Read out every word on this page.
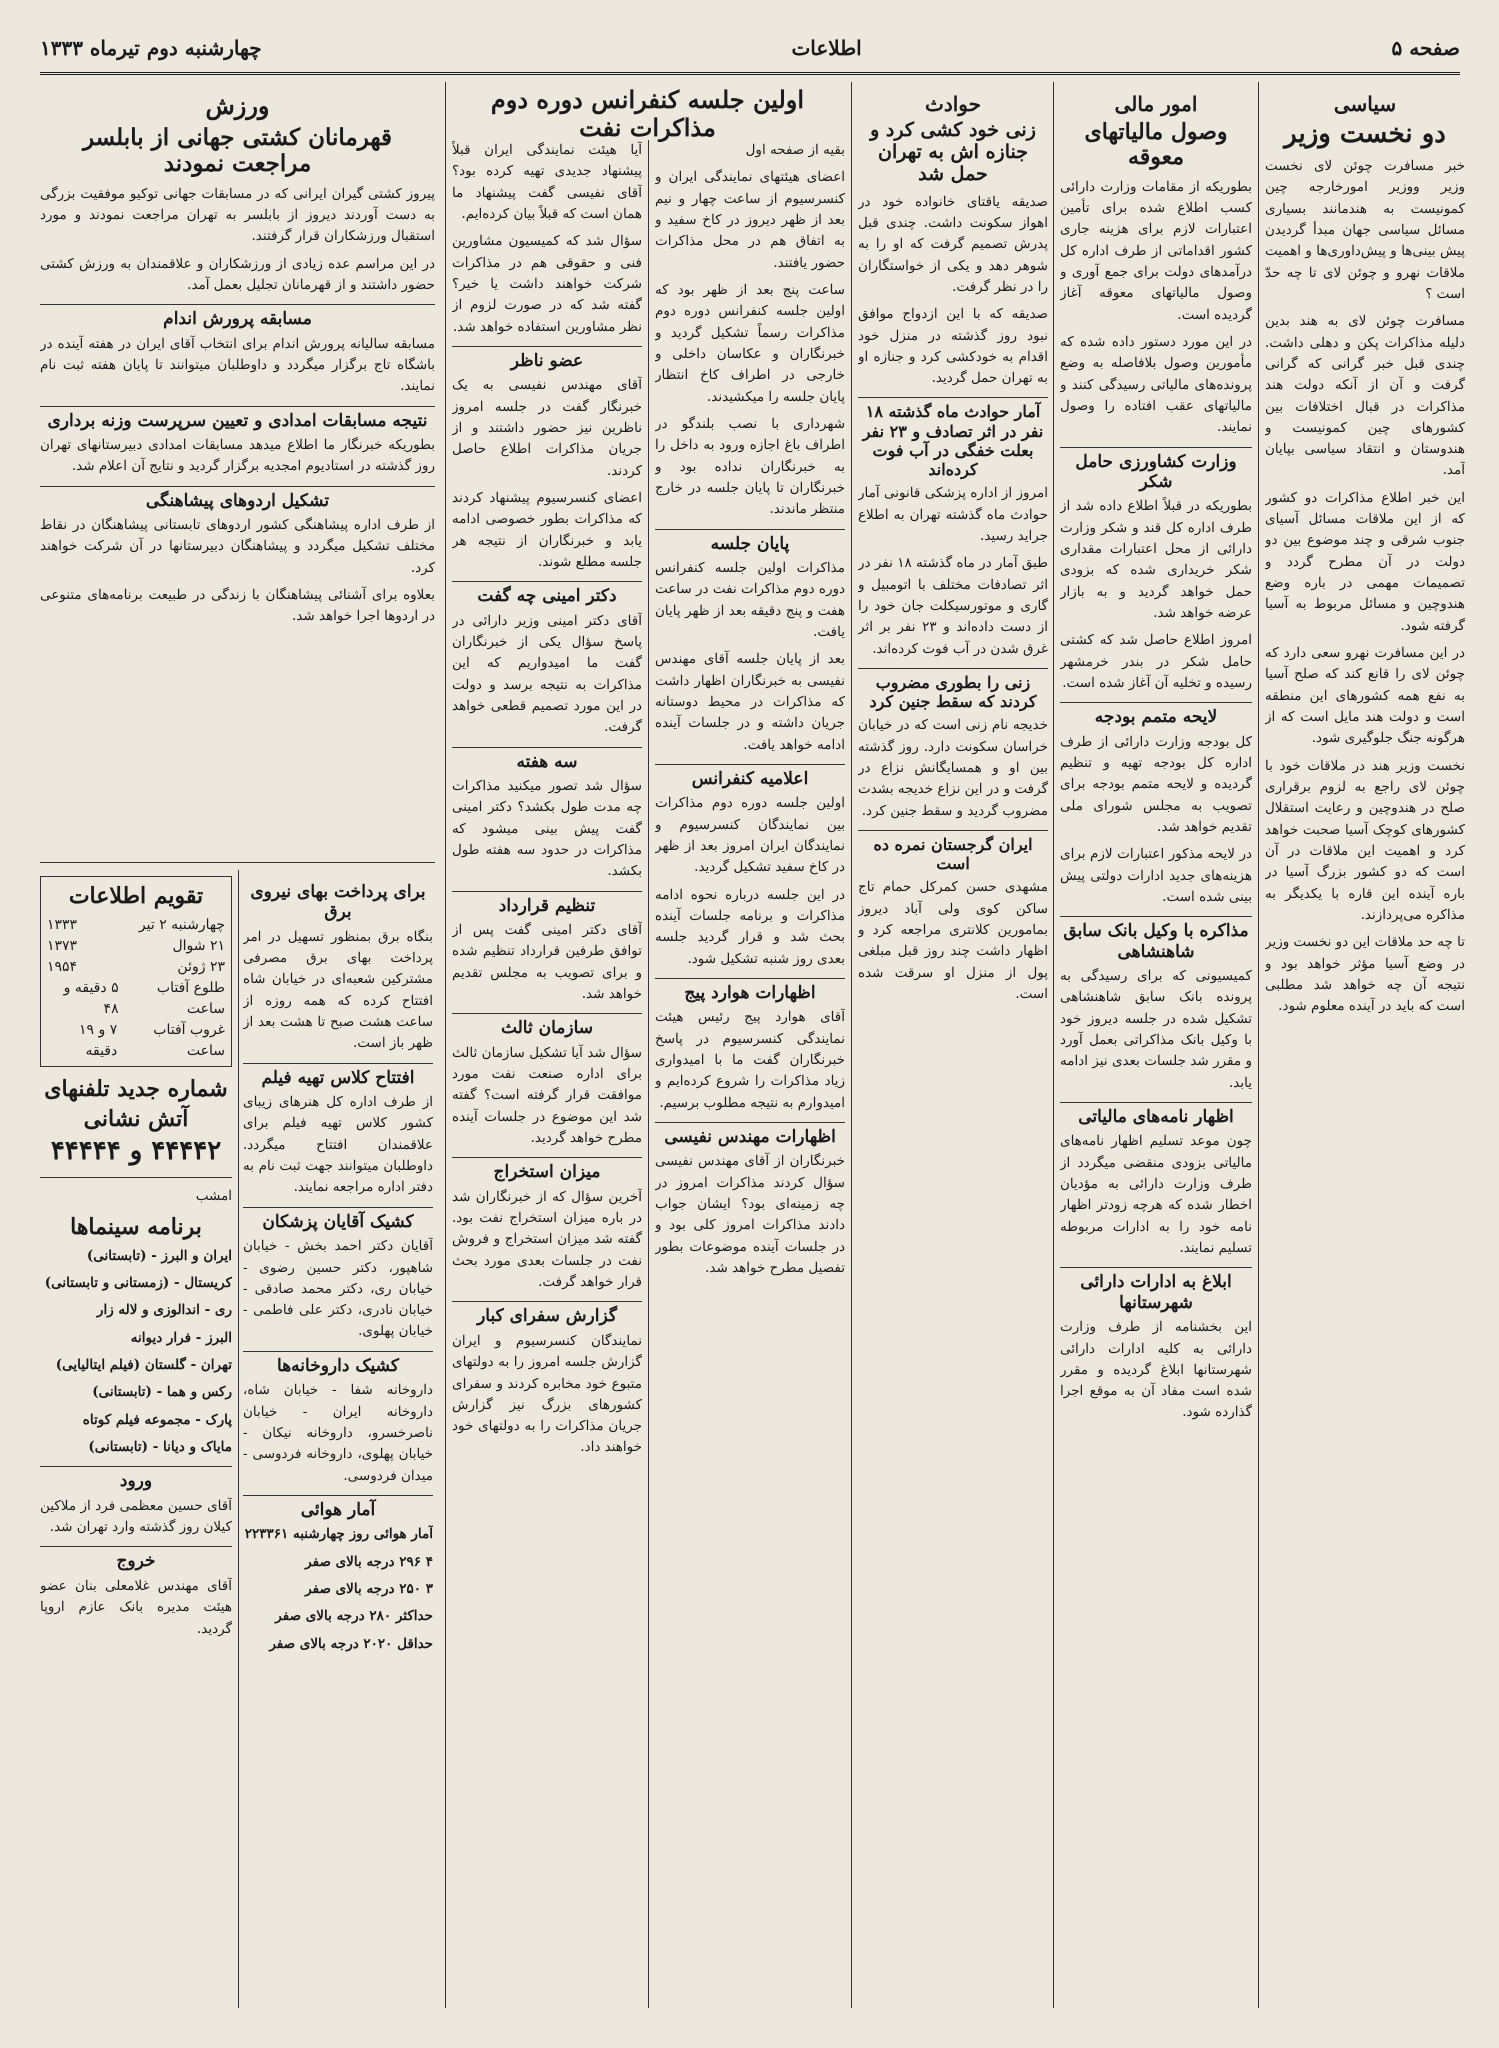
صفحه ۵
اطلاعات
چهارشنبه دوم تیرماه ۱۳۳۳
سیاسی
دو نخست وزیر

خبر مسافرت چوئن لای نخست وزیر ووزیر امورخارجه چین کمونیست به هندمانند بسیاری مسائل سیاسی جهان مبدأ گردیدن پیش بینی‌ها و پیش‌داوری‌ها و اهمیت ملاقات نهرو و چوئن لای تا چه حدّ است ؟

مسافرت چوئن لای به هند بدین دلیله مذاکرات پکن و دهلی داشت. چندی قبل خبر گرانی که گرانی گرفت و آن از آنکه دولت هند مذاکرات در قبال اختلافات بین کشورهای چین کمونیست و هندوستان و انتقاد سیاسی بپایان آمد.

این خبر اطلاع مذاکرات دو کشور که از این ملاقات مسائل آسیای جنوب شرقی و چند موضوع بین دو دولت در آن مطرح گردد و تصمیمات مهمی در باره وضع هندوچین و مسائل مربوط به آسیا گرفته شود.

در این مسافرت نهرو سعی دارد که چوئن لای را قانع کند که صلح آسیا به نفع همه کشورهای این منطقه است و دولت هند مایل است که از هرگونه جنگ جلوگیری شود.

نخست وزیر هند در ملاقات خود با چوئن لای راجع به لزوم برقراری صلح در هندوچین و رعایت استقلال کشورهای کوچک آسیا صحبت خواهد کرد و اهمیت این ملاقات در آن است که دو کشور بزرگ آسیا در باره آینده این قاره با یکدیگر به مذاکره می‌پردازند.

تا چه حد ملاقات این دو نخست وزیر در وضع آسیا مؤثر خواهد بود و نتیجه آن چه خواهد شد مطلبی است که باید در آینده معلوم شود.

امور مالی
وصول مالیاتهای معوقه

بطوریکه از مقامات وزارت دارائی کسب اطلاع شده برای تأمین اعتبارات لازم برای هزینه جاری کشور اقداماتی از طرف اداره کل درآمدهای دولت برای جمع آوری و وصول مالیاتهای معوقه آغاز گردیده است.

در این مورد دستور داده شده که مأمورین وصول بلافاصله به وضع پرونده‌های مالیاتی رسیدگی کنند و مالیاتهای عقب افتاده را وصول نمایند.

وزارت کشاورزی حامل شکر

بطوریکه در قبلاً اطلاع داده شد از طرف اداره کل قند و شکر وزارت دارائی از محل اعتبارات مقداری شکر خریداری شده که بزودی حمل خواهد گردید و به بازار عرضه خواهد شد.

امروز اطلاع حاصل شد که کشتی حامل شکر در بندر خرمشهر رسیده و تخلیه آن آغاز شده است.

لایحه متمم بودجه

کل بودجه وزارت دارائی از طرف اداره کل بودجه تهیه و تنظیم گردیده و لایحه متمم بودجه برای تصویب به مجلس شورای ملی تقدیم خواهد شد.

در لایحه مذکور اعتبارات لازم برای هزینه‌های جدید ادارات دولتی پیش بینی شده است.

مذاکره با وکیل بانک سابق شاهنشاهی

کمیسیونی که برای رسیدگی به پرونده بانک سابق شاهنشاهی تشکیل شده در جلسه دیروز خود با وکیل بانک مذاکراتی بعمل آورد و مقرر شد جلسات بعدی نیز ادامه یابد.

اظهار نامه‌های مالیاتی

چون موعد تسلیم اظهار نامه‌های مالیاتی بزودی منقضی میگردد از طرف وزارت دارائی به مؤدیان اخطار شده که هرچه زودتر اظهار نامه خود را به ادارات مربوطه تسلیم نمایند.

ابلاغ به ادارات دارائی شهرستانها

این بخشنامه از طرف وزارت دارائی به کلیه ادارات دارائی شهرستانها ابلاغ گردیده و مقرر شده است مفاد آن به موقع اجرا گذارده شود.

حوادث
زنی خود کشی کرد و جنازه اش به تهران حمل شد

صدیقه یاقتای خانواده خود در اهواز سکونت داشت. چندی قبل پدرش تصمیم گرفت که او را به شوهر دهد و یکی از خواستگاران را در نظر گرفت.

صدیقه که با این ازدواج موافق نبود روز گذشته در منزل خود اقدام به خودکشی کرد و جنازه او به تهران حمل گردید.

آمار حوادث ماه گذشته ۱۸ نفر در اثر تصادف و ۲۳ نفر بعلت خفگی در آب فوت کرده‌اند

امروز از اداره پزشکی قانونی آمار حوادث ماه گذشته تهران به اطلاع جراید رسید.

طبق آمار در ماه گذشته ۱۸ نفر در اثر تصادفات مختلف با اتومبیل و گاری و موتورسیکلت جان خود را از دست داده‌اند و ۲۳ نفر بر اثر غرق شدن در آب فوت کرده‌اند.

زنی را بطوری مضروب کردند که سقط جنین کرد

خدیجه نام زنی است که در خیابان خراسان سکونت دارد. روز گذشته بین او و همسایگانش نزاع در گرفت و در این نزاع خدیجه بشدت مضروب گردید و سقط جنین کرد.

ایران گرجستان نمره ده است

مشهدی حسن کمرکل حمام تاج ساکن کوی ولی آباد دیروز بمامورین کلانتری مراجعه کرد و اظهار داشت چند روز قبل مبلغی پول از منزل او سرقت شده است.

اولین جلسه کنفرانس دوره دوم مذاکرات نفت

بقیه از صفحه اول

اعضای هیئتهای نمایندگی ایران و کنسرسیوم از ساعت چهار و نیم بعد از ظهر دیروز در کاخ سفید و به اتفاق هم در محل مذاکرات حضور یافتند.

ساعت پنج بعد از ظهر بود که اولین جلسه کنفرانس دوره دوم مذاکرات رسماً تشکیل گردید و خبرنگاران و عکاسان داخلی و خارجی در اطراف کاخ انتظار پایان جلسه را میکشیدند.

شهرداری با نصب بلندگو در اطراف باغ اجازه ورود به داخل را به خبرنگاران نداده بود و خبرنگاران تا پایان جلسه در خارج منتظر ماندند.

پایان جلسه

مذاکرات اولین جلسه کنفرانس دوره دوم مذاکرات نفت در ساعت هفت و پنج دقیقه بعد از ظهر پایان یافت.

بعد از پایان جلسه آقای مهندس نفیسی به خبرنگاران اظهار داشت که مذاکرات در محیط دوستانه جریان داشته و در جلسات آینده ادامه خواهد یافت.

اعلامیه کنفرانس

اولین جلسه دوره دوم مذاکرات بین نمایندگان کنسرسیوم و نمایندگان ایران امروز بعد از ظهر در کاخ سفید تشکیل گردید.

در این جلسه درباره نحوه ادامه مذاکرات و برنامه جلسات آینده بحث شد و قرار گردید جلسه بعدی روز شنبه تشکیل شود.

اظهارات هوارد پیج

آقای هوارد پیج رئیس هیئت نمایندگی کنسرسیوم در پاسخ خبرنگاران گفت ما با امیدواری زیاد مذاکرات را شروع کرده‌ایم و امیدوارم به نتیجه مطلوب برسیم.

اظهارات مهندس نفیسی

خبرنگاران از آقای مهندس نفیسی سؤال کردند مذاکرات امروز در چه زمینه‌ای بود؟ ایشان جواب دادند مذاکرات امروز کلی بود و در جلسات آینده موضوعات بطور تفصیل مطرح خواهد شد.

آیا هیئت نمایندگی ایران قبلاً پیشنهاد جدیدی تهیه کرده بود؟ آقای نفیسی گفت پیشنهاد ما همان است که قبلاً بیان کرده‌ایم.

سؤال شد که کمیسیون مشاورین فنی و حقوقی هم در مذاکرات شرکت خواهند داشت یا خیر؟ گفته شد که در صورت لزوم از نظر مشاورین استفاده خواهد شد.

عضو ناظر

آقای مهندس نفیسی به یک خبرنگار گفت در جلسه امروز ناظرین نیز حضور داشتند و از جریان مذاکرات اطلاع حاصل کردند.

اعضای کنسرسیوم پیشنهاد کردند که مذاکرات بطور خصوصی ادامه یابد و خبرنگاران از نتیجه هر جلسه مطلع شوند.

دکتر امینی چه گفت

آقای دکتر امینی وزیر دارائی در پاسخ سؤال یکی از خبرنگاران گفت ما امیدواریم که این مذاکرات به نتیجه برسد و دولت در این مورد تصمیم قطعی خواهد گرفت.

سه هفته

سؤال شد تصور میکنید مذاکرات چه مدت طول بکشد؟ دکتر امینی گفت پیش بینی میشود که مذاکرات در حدود سه هفته طول بکشد.

تنظیم قرارداد

آقای دکتر امینی گفت پس از توافق طرفین قرارداد تنظیم شده و برای تصویب به مجلس تقدیم خواهد شد.

سازمان ثالث

سؤال شد آیا تشکیل سازمان ثالث برای اداره صنعت نفت مورد موافقت قرار گرفته است؟ گفته شد این موضوع در جلسات آینده مطرح خواهد گردید.

میزان استخراج

آخرین سؤال که از خبرنگاران شد در باره میزان استخراج نفت بود. گفته شد میزان استخراج و فروش نفت در جلسات بعدی مورد بحث قرار خواهد گرفت.

گزارش سفرای کبار

نمایندگان کنسرسیوم و ایران گزارش جلسه امروز را به دولتهای متبوع خود مخابره کردند و سفرای کشورهای بزرگ نیز گزارش جریان مذاکرات را به دولتهای خود خواهند داد.

ورزش
قهرمانان کشتی جهانی از بابلسر مراجعت نمودند

پیروز کشتی گیران ایرانی که در مسابقات جهانی توکیو موفقیت بزرگی به دست آوردند دیروز از بابلسر به تهران مراجعت نمودند و مورد استقبال ورزشکاران قرار گرفتند.

در این مراسم عده زیادی از ورزشکاران و علاقمندان به ورزش کشتی حضور داشتند و از قهرمانان تجلیل بعمل آمد.

مسابقه پرورش اندام

مسابقه سالیانه پرورش اندام برای انتخاب آقای ایران در هفته آینده در باشگاه تاج برگزار میگردد و داوطلبان میتوانند تا پایان هفته ثبت نام نمایند.

نتیجه مسابقات امدادی و تعیین سرپرست وزنه برداری

بطوریکه خبرنگار ما اطلاع میدهد مسابقات امدادی دبیرستانهای تهران روز گذشته در استادیوم امجدیه برگزار گردید و نتایج آن اعلام شد.

تشکیل اردوهای پیشاهنگی

از طرف اداره پیشاهنگی کشور اردوهای تابستانی پیشاهنگان در نقاط مختلف تشکیل میگردد و پیشاهنگان دبیرستانها در آن شرکت خواهند کرد.

بعلاوه برای آشنائی پیشاهنگان با زندگی در طبیعت برنامه‌های متنوعی در اردوها اجرا خواهد شد.

برای پرداخت بهای نیروی برق

بنگاه برق بمنظور تسهیل در امر پرداخت بهای برق مصرفی مشترکین شعبه‌ای در خیابان شاه افتتاح کرده که همه روزه از ساعت هشت صبح تا هشت بعد از ظهر باز است.

افتتاح کلاس تهیه فیلم

از طرف اداره کل هنرهای زیبای کشور کلاس تهیه فیلم برای علاقمندان افتتاح میگردد. داوطلبان میتوانند جهت ثبت نام به دفتر اداره مراجعه نمایند.

کشیک آقایان پزشکان

آقایان دکتر احمد بخش - خیابان شاهپور، دکتر حسین رضوی - خیابان ری، دکتر محمد صادقی - خیابان نادری، دکتر علی فاطمی - خیابان پهلوی.

کشیک داروخانه‌ها

داروخانه شفا - خیابان شاه، داروخانه ایران - خیابان ناصرخسرو، داروخانه نیکان - خیابان پهلوی، داروخانه فردوسی - میدان فردوسی.

آمار هوائی

آمار هوائی روز چهارشنبه ۲۲۳۳۶۱

۴ ۲۹۶ درجه بالای صفر

۳ ۲۵۰ درجه بالای صفر

حداکثر ۲۸۰ درجه بالای صفر

حداقل ۲۰۲۰ درجه بالای صفر

تقویم اطلاعات
چهارشنبه ۲ تیر
۱۳۳۳
۲۱ شوال
۱۳۷۳
۲۳ ژوئن
۱۹۵۴
طلوع آفتاب ساعت
۵ دقیقه و ۴۸
غروب آفتاب ساعت
۷ و ۱۹ دقیقه
شماره جدید تلفنهای آتش نشانی
۴۴۴۴۲ و ۴۴۴۴۴

امشب

برنامه سینماها

ایران و البرز - (تابستانی)

کریستال - (زمستانی و تابستانی)

ری - اندالوزی و لاله زار

البرز - فرار دیوانه

تهران - گلستان (فیلم ایتالیایی)

رکس و هما - (تابستانی)

پارک - مجموعه فیلم کوتاه

مایاک و دیانا - (تابستانی)

ورود

آقای حسین معظمی فرد از ملاکین کیلان روز گذشته وارد تهران شد.

خروج

آقای مهندس غلامعلی بنان عضو هیئت مدیره بانک عازم اروپا گردید.
